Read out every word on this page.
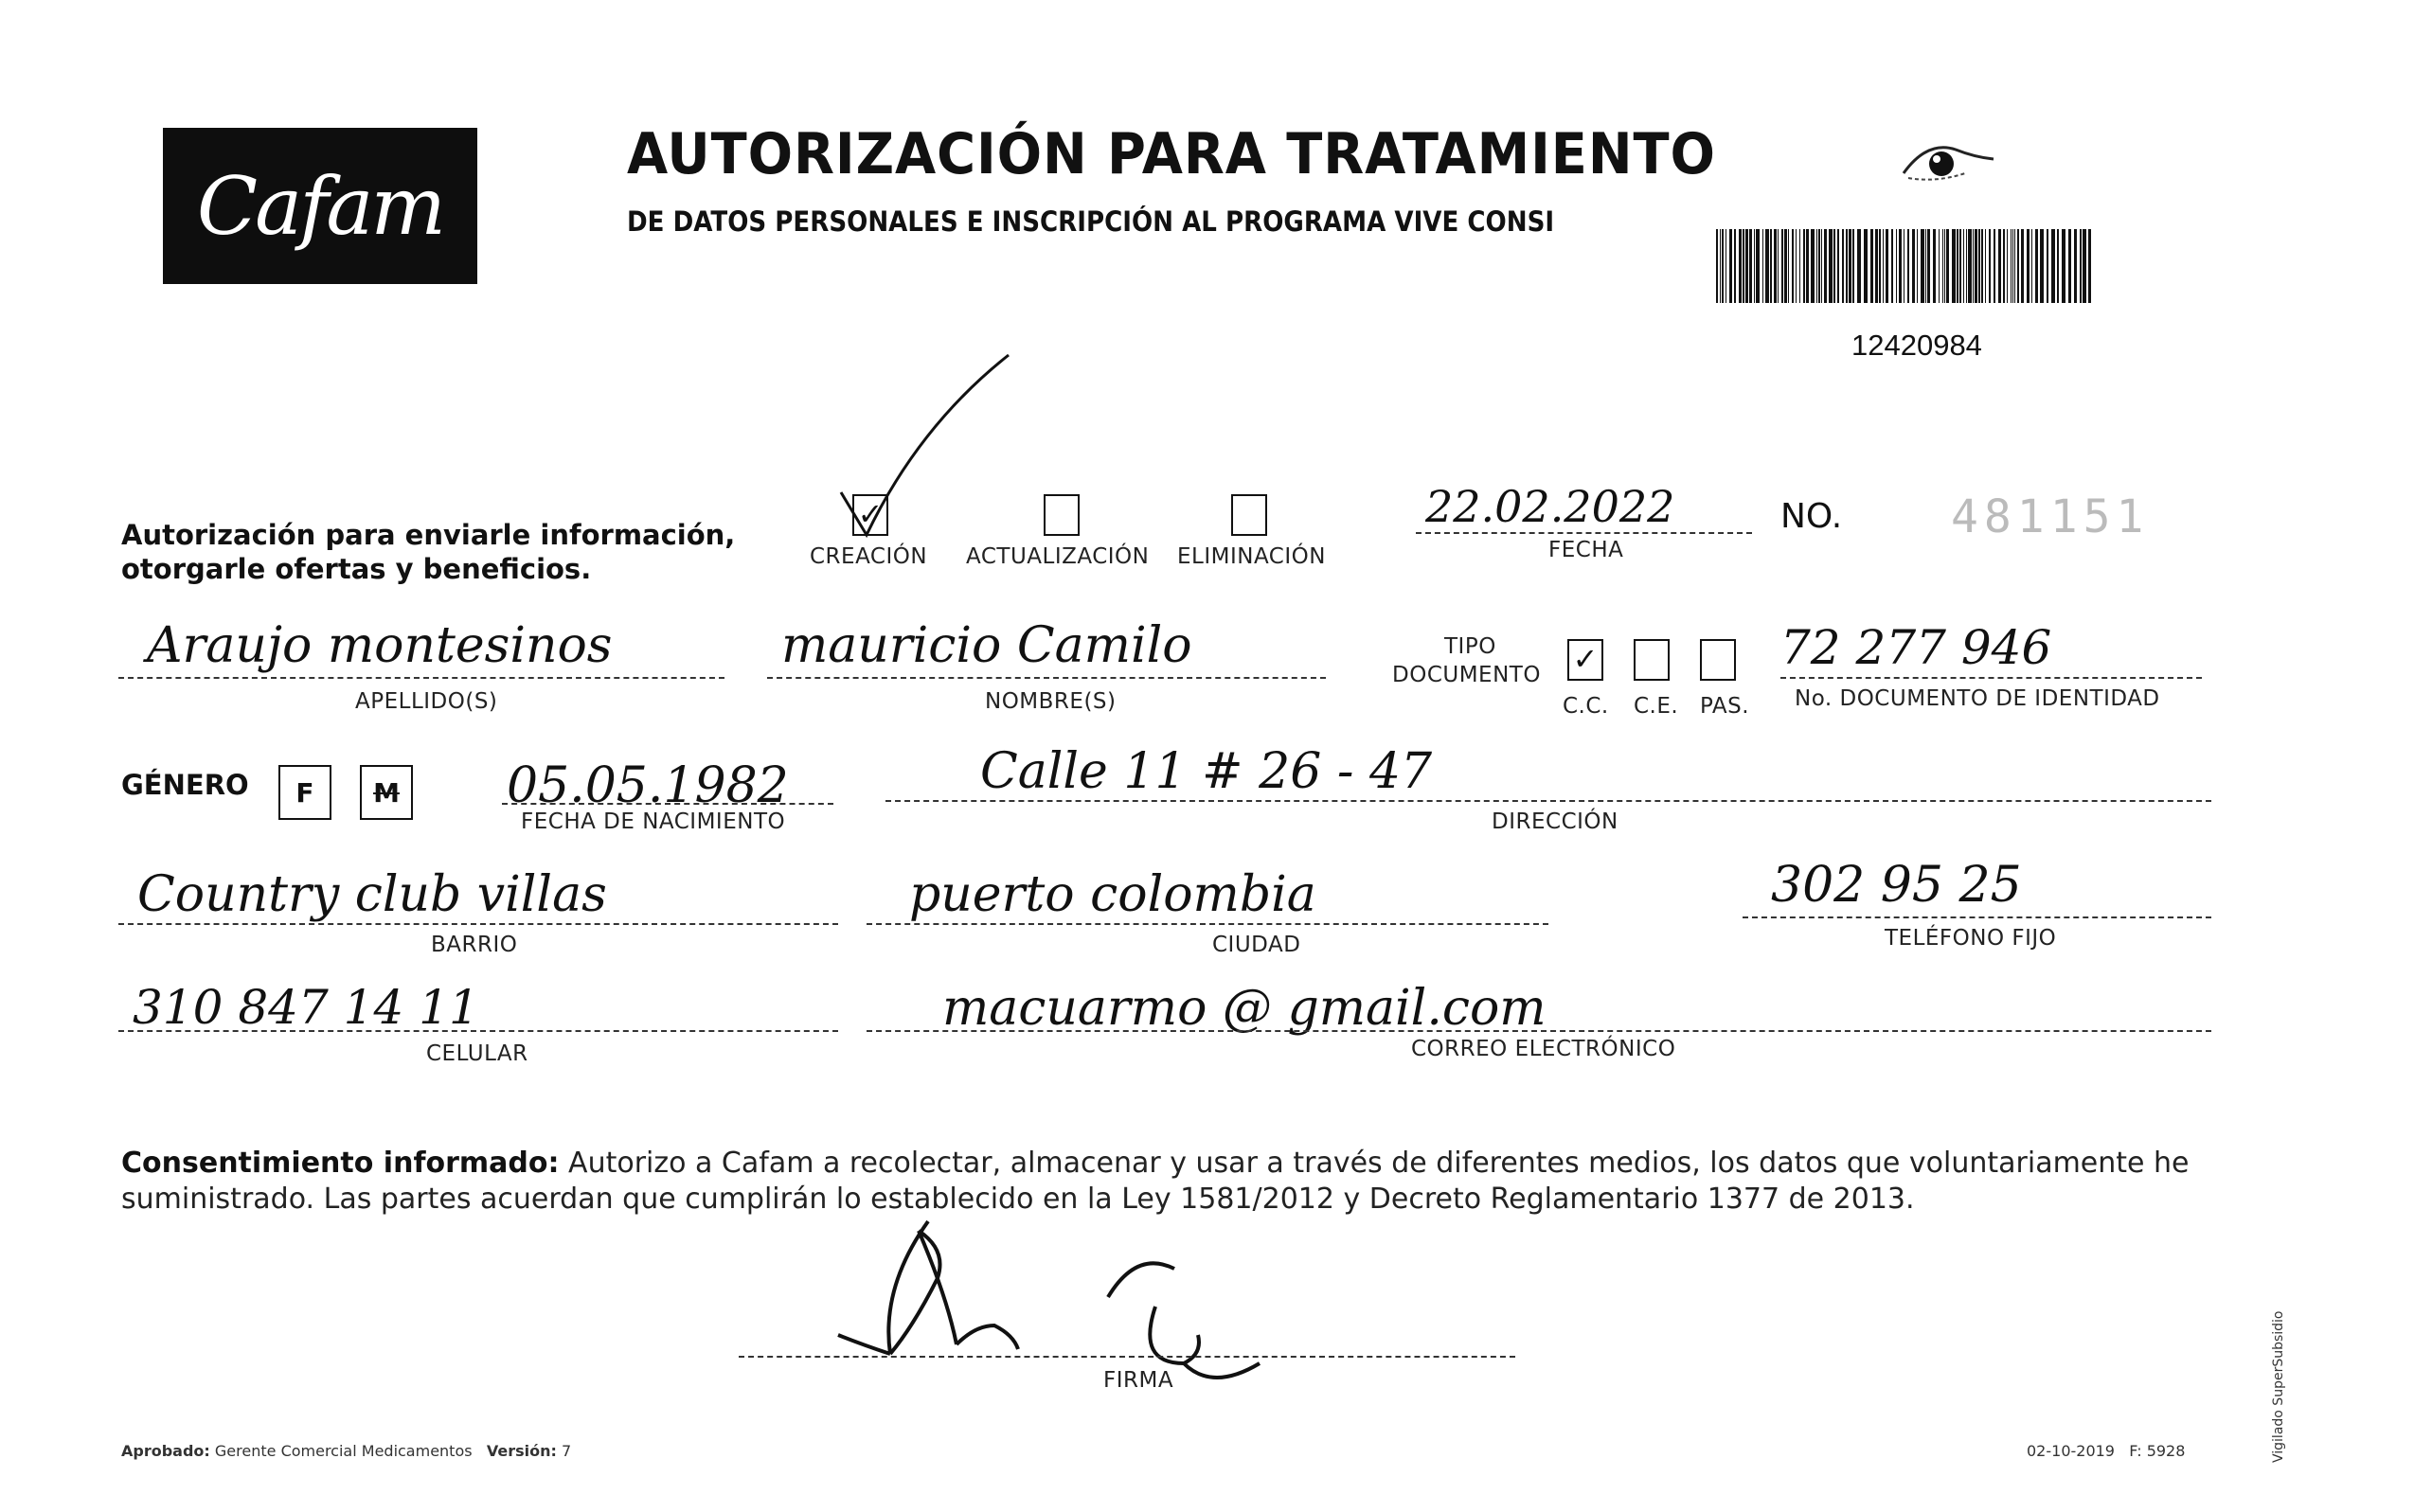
Cafam
AUTORIZACIÓN PARA TRATAMIENTO
DE DATOS PERSONALES E INSCRIPCIÓN AL PROGRAMA VIVE CONSI
12420984
Autorización para enviarle información,
otorgarle ofertas y beneficios.
✓	CREACIÓN ACTUALIZACIÓN ELIMINACIÓN
22.02.2022
FECHA
NO. 481151
Araujo montesinos
APELLIDO(S)
mauricio Camilo
NOMBRE(S)
TIPO
DOCUMENTO
✓
C.C. C.E. PAS.
72 277 946
No. DOCUMENTO DE IDENTIDAD
GÉNERO	F	M 05.05.1982
FECHA DE NACIMIENTO
Calle 11 # 26 - 47
DIRECCIÓN
Country club villas
BARRIO
puerto colombia
CIUDAD
302 95 25
TELÉFONO FIJO
310 847 14 11
CELULAR
macuarmo @ gmail.com
CORREO ELECTRÓNICO
Consentimiento informado: Autorizo a Cafam a recolectar, almacenar y usar a través de diferentes medios, los datos que voluntariamente he suministrado. Las partes acuerdan que cumplirán lo establecido en la Ley 1581/2012 y Decreto Reglamentario 1377 de 2013.
FIRMA
Aprobado: Gerente Comercial Medicamentos Versión: 7	02-10-2019 F: 5928	Vigilado SuperSubsidio
